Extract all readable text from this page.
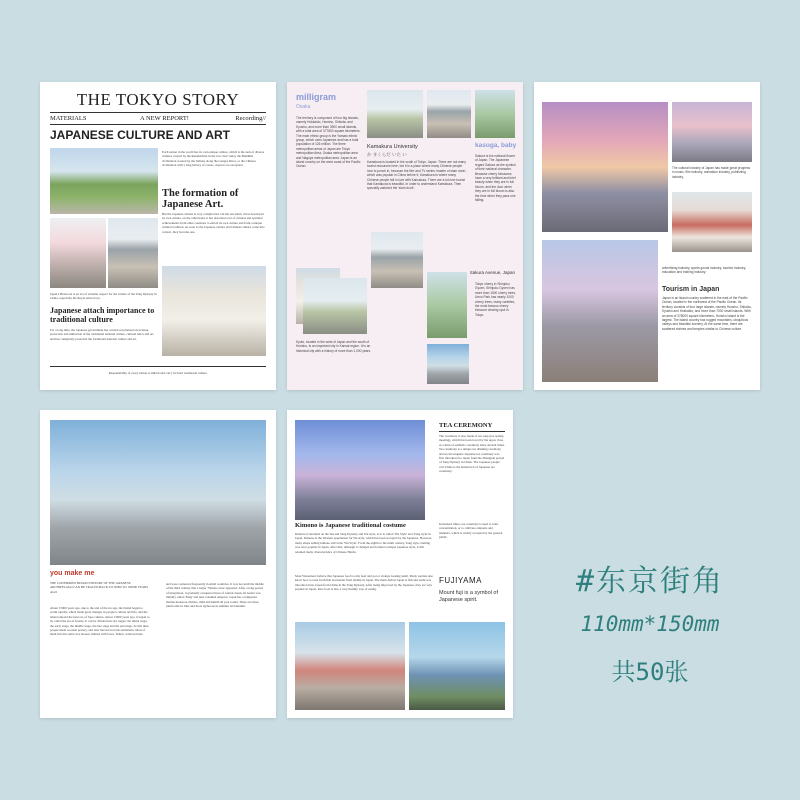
THE TOKYO STORY
MATERIALS	A NEW REPORT!	Recording//
JAPANESE CULTURE AND ART
Each nation in the world has its own unique culture, which is the sum of diverse cultures created by the Rakahachtie in the two river valley the Buddhist civilization created by the Indians along the Ganges River, or the Chinese civilization with a long history of course, Japan is no exception.
The formation of Japanese Art.
But the Japanese culture is very complicated. On the one hand, it has developed its own culture, on the other hand, it has absorbed a lot of cultural and spiritual achievements from other countries to enrich its own culture and form a unique cultural tradition. As soon as the Japanese culture and Chinese culture come into contact, they become one.
Japan's Heian era is an era of extreme respect for the culture of the Tang Dynasty in China, especially the Royal aristocracy.
Japanese attach importance to traditional culture
For a long time, the Japanese government has carried out planned excavation, protection and utilization of the traditional national culture, cultural relics and art, and has completely protected the traditional national culture and art.
Responsibility of every nation to inherit and carry forward traditional culture.
milligram
Osaka
The territory is composed of four big islands, namely Hokkaido, Honshu, Shikoku and Kyushu, and more than 3900 small islands, with a total area of 377800 square kilometers. The main ethnic group is the Yamato ethnic group, which uses Japanese and has a total population of 126 million. The three metropolitan areas of Japan are Tokyo metropolitan Area, Osaka metropolitan area and Nagoya metropolitan area. Japan is an island country on the west coast of the Pacific Ocean.
Kamakura University
か まくらだ いた い
Kamakura is located in the south of Tokyo, Japan. There are not many tourist resources here, but it is a place where many Chinese people love to punch in, because the film and TV series 'master of slam dunk', which was popular in China before it, Kamakura is where many Chinese people fall in love with Kamakura. There are a lot new tourist that Kamakura is beautiful, in order to understand Kamakura. Then specially watched the 'slam dunk'.
kasuga, baby
Sakura is the national flower of Japan. The Japanese regard Sakura as the symbol of their national character. Because cherry blossoms have a very brilliant and brief beauty when they are in full bloom, and the door when they are in full bloom is also the time when they pass one falling.
Sakura Avenue, Japan
Tokyo cherry in Shinjuku Gyoen, Shinjuku Gyoen has more than 1500 cherry trees, Ueno Park has nearly 1000 cherry trees, many varieties, the most famous cherry blossom viewing spot in Tokyo.
Kyoto, located in the west of Japan and the south of Honshu, is an important city in Kansai region. It is an historical city with a history of more than 1,000 years.
The cultural industry of Japan has made great progress in music, film industry, animation industry, publishing industry.
advertising industry, sports goods industry, tourism industry, education and training industry.
Tourism in Japan
Japan is an island country scattered in the east of the Pacific Ocean, located in the northwest of the Pacific Ocean. Its territory consists of four large islands, namely Honshu, Shikoku, Kyushu and Hokkaido, and more than 7000 small islands. With an area of 378000 square kilometers, Honshu Island is the largest. The island country has rugged mountains, ubiquitous valleys and beautiful scenery. At the same time, there are scattered shrines and temples similar to Chinese culture.
you make me
THE CONFIRMED HUMAN HISTORY OF THE JAPANESE ARCHIPELAGO CAN BE TRACED BACK TO 30000 TO 100000 YEARS AGO
About 15000 years ago, due to the end of the ice age, the Island began to warm rapidly, which made great changes in people's culture and life, and the island entered the next era of Jopo culture. About 13000 years ago, it began to be called the era of bronze. It can be divided into six stages: the initial stage, the early stage, the middle stage, the late stage and the end stage. At this time, people made wooden pottery, and later moved towards settlement. Most of them lived in semi cave houses, hunted with bows, fished, collected nuts.
and were connected frequently in small countries. It was not until the middle of the third century that a larger 'Yamato state' appeared. After a long period of integration, it gradually conquered most of central Japan. Its leader was initially called 'King' and later renamed emperor. Japan has a temperate marine monsoon climate, mild and humid all year round. There are more plum rains in June and more typhoons in summer and autumn.
Kimono is Japanese traditional costume
Kimono is modeled on the Sui and Tang Dynasty and Wu style, as it is called 'Wu Style' and 'Tang style' in Japan. Kimono is the Western appellation for Wa style, which has been accepted by the Japanese. However, many shops selling kimono still write 'Wu Style'. From the eighth to the ninth century, Tang style clothing was once popular in Japan. After that, although it changed and formed a unique Japanese style, it still retained many characteristics of Chinese Hanfu.
Most Westerners believe that Japanese food is only beef and pot or strange looking sushi. Many tourists also know how to taste fresh fish and tender fried shrimp in Japan. The main dish in Japan is fish and sushi was introduced into Japan from China in the Tang Dynasty. After being improved by the Japanese, they are very popular in Japan. Raw food is also a very healthy way of eating.
TEA CEREMONY
The ceremony is also made of tea soup (tea tasting meeting), which has been loved by the upper class as a kind of aesthetic ceremony since ancient times. Tea ceremony is a unique tea drinking ceremony and social etiquette Japanese tea ceremony was first introduced to Japan from the Zhenguan period of Tang Dynasty in China. The Japanese people call 'China is the hometown of Japanese tea ceremony'.
In modern times, tea ceremony is used to train concentration, or to cultivate etiquette and manners, which is widely accepted by the general public.
FUJIYAMA
Mount fuji is a symbol of Japanese spirit.
#东京街角
110mm*150mm
共50张
